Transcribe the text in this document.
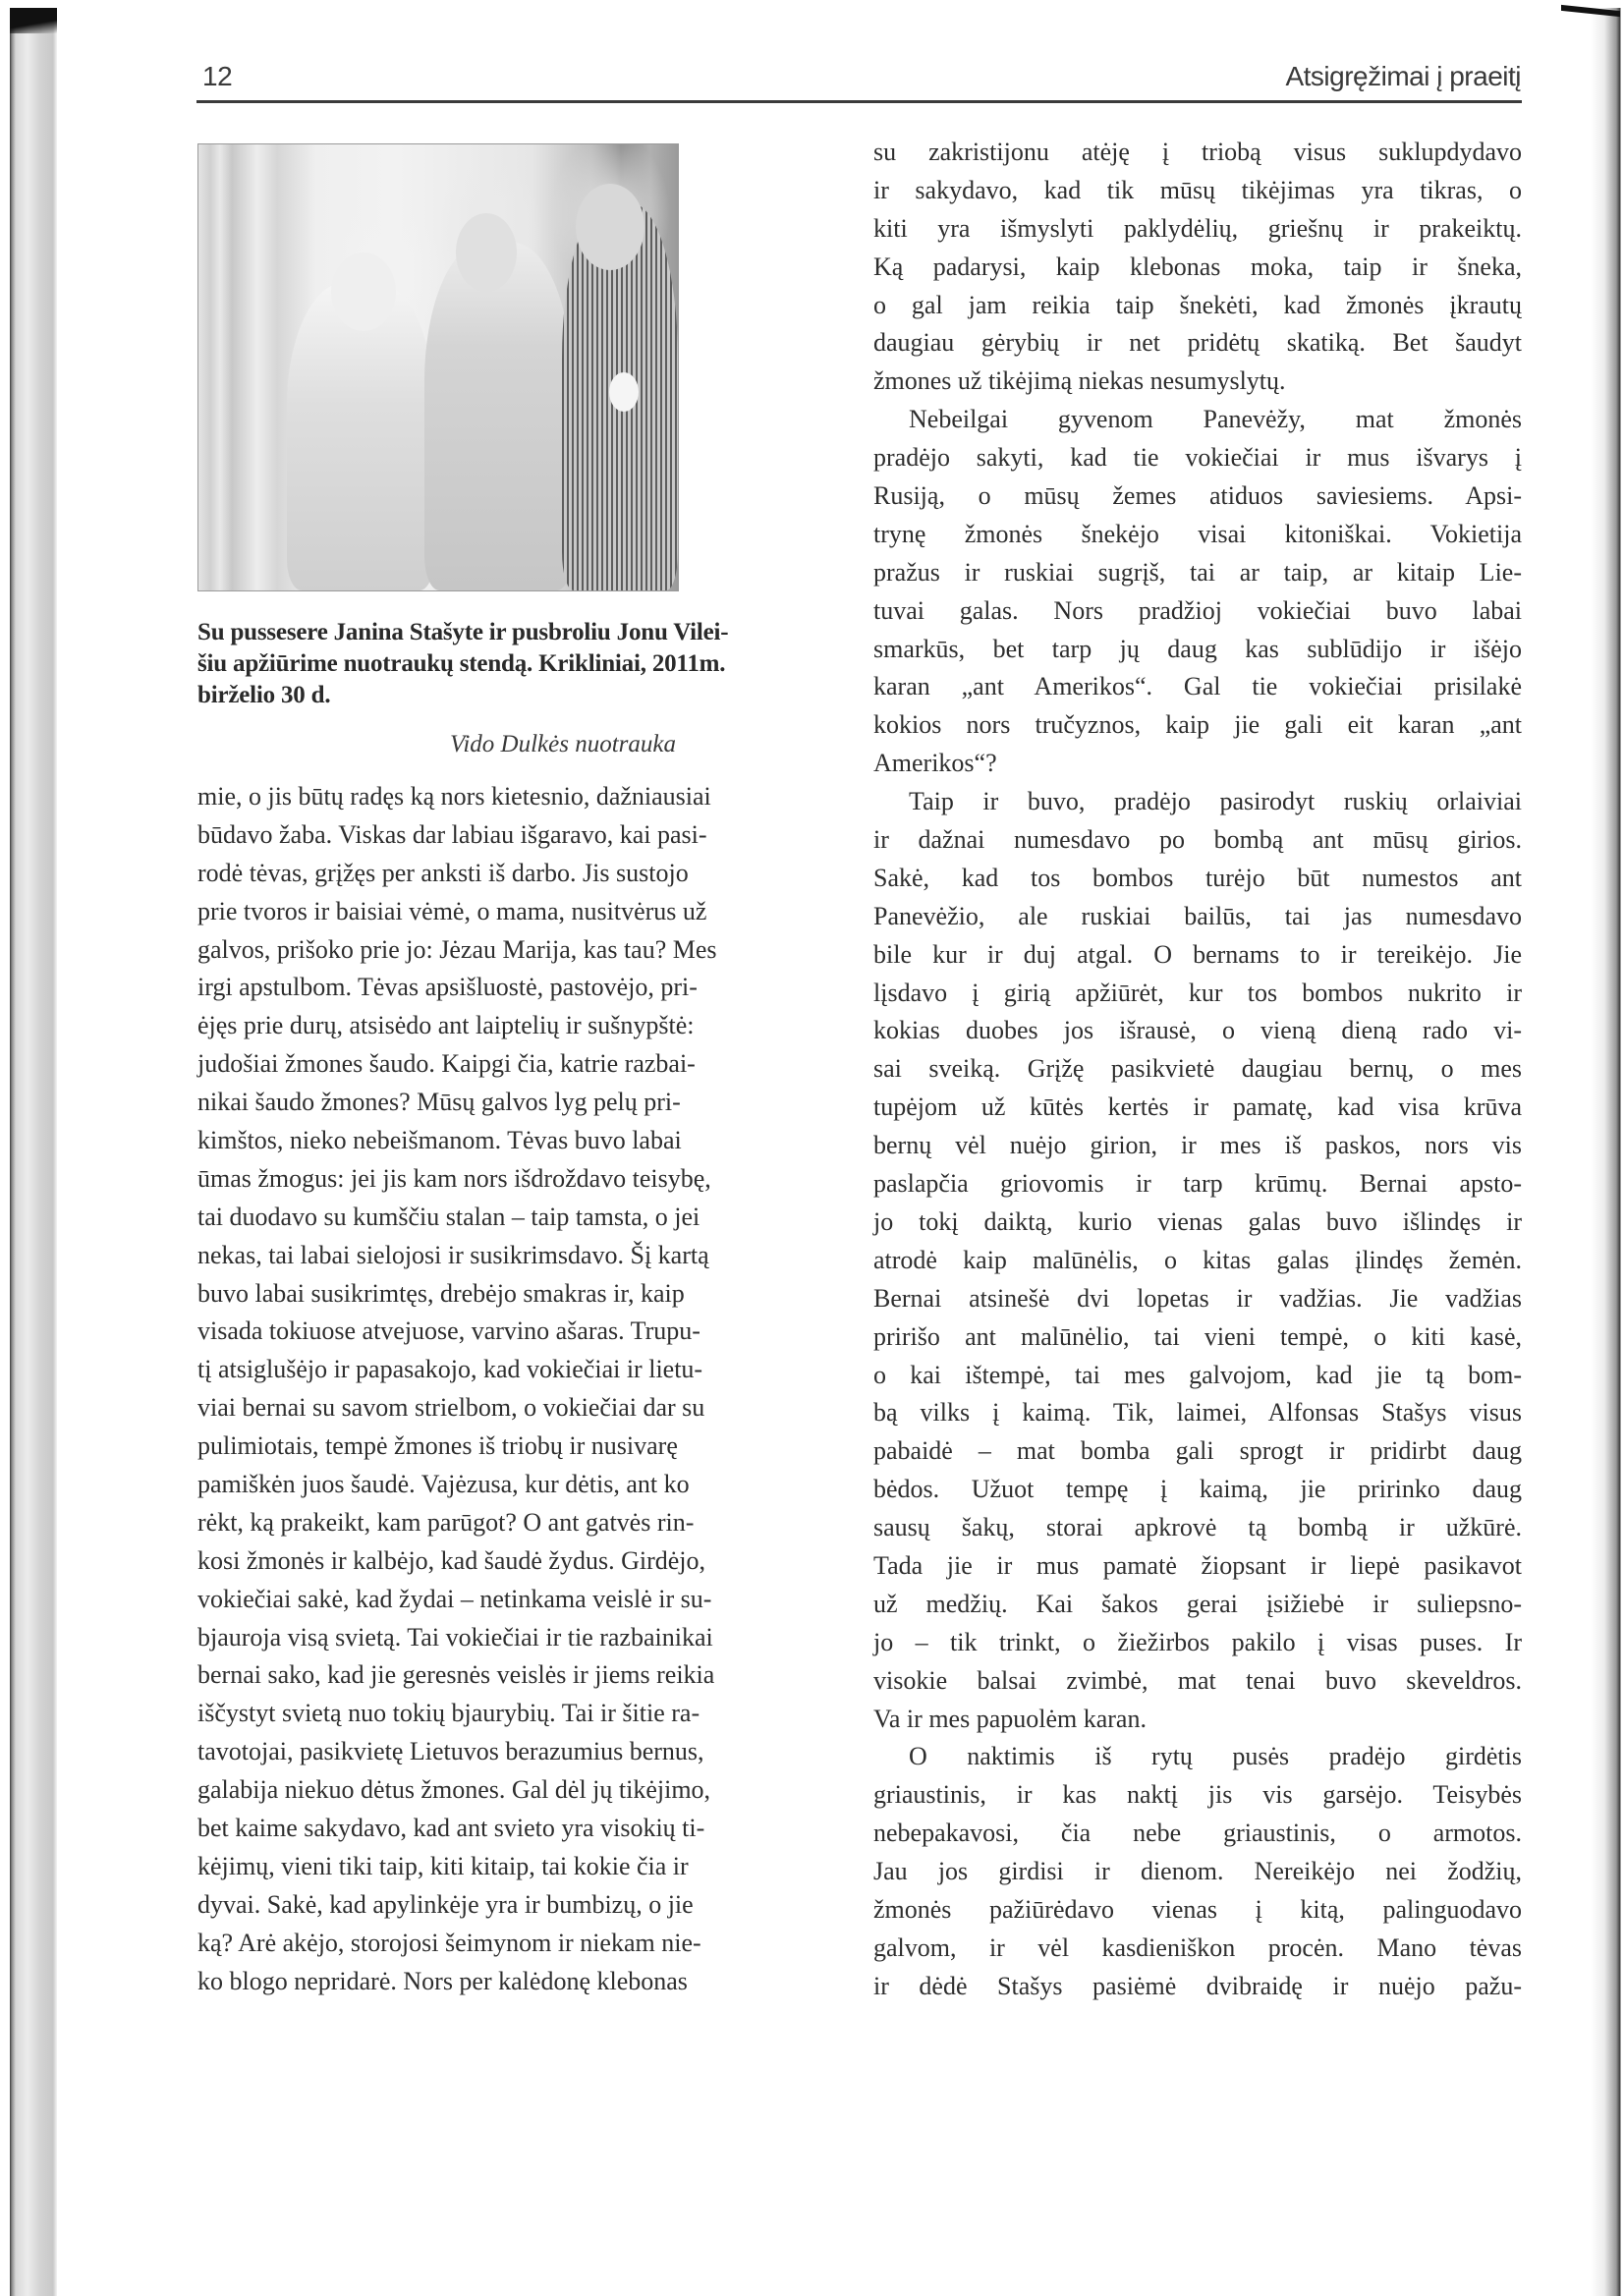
12	Atsigręžimai į praeitį
Su pussesere Janina Stašyte ir pusbroliu Jonu Vilei-
šiu apžiūrime nuotraukų stendą. Krikliniai, 2011m.
birželio 30 d.
Vido Dulkės nuotrauka
mie, o jis būtų radęs ką nors kietesnio, dažniausiai
būdavo žaba. Viskas dar labiau išgaravo, kai pasi-
rodė tėvas, grįžęs per anksti iš darbo. Jis sustojo
prie tvoros ir baisiai vėmė, o mama, nusitvėrus už
galvos, prišoko prie jo: Jėzau Marija, kas tau? Mes
irgi apstulbom. Tėvas apsišluostė, pastovėjo, pri-
ėjęs prie durų, atsisėdo ant laiptelių ir sušnypštė:
judošiai žmones šaudo. Kaipgi čia, katrie razbai-
nikai šaudo žmones? Mūsų galvos lyg pelų pri-
kimštos, nieko nebeišmanom. Tėvas buvo labai
ūmas žmogus: jei jis kam nors išdroždavo teisybę,
tai duodavo su kumščiu stalan – taip tamsta, o jei
nekas, tai labai sielojosi ir susikrimsdavo. Šį kartą
buvo labai susikrimtęs, drebėjo smakras ir, kaip
visada tokiuose atvejuose, varvino ašaras. Trupu-
tį atsiglušėjo ir papasakojo, kad vokiečiai ir lietu-
viai bernai su savom strielbom, o vokiečiai dar su
pulimiotais, tempė žmones iš triobų ir nusivarę
pamiškėn juos šaudė. Vajėzusa, kur dėtis, ant ko
rėkt, ką prakeikt, kam parūgot? O ant gatvės rin-
kosi žmonės ir kalbėjo, kad šaudė žydus. Girdėjo,
vokiečiai sakė, kad žydai – netinkama veislė ir su-
bjauroja visą svietą. Tai vokiečiai ir tie razbainikai
bernai sako, kad jie geresnės veislės ir jiems reikia
iščystyt svietą nuo tokių bjaurybių. Tai ir šitie ra-
tavotojai, pasikvietę Lietuvos berazumius bernus,
galabija niekuo dėtus žmones. Gal dėl jų tikėjimo,
bet kaime sakydavo, kad ant svieto yra visokių ti-
kėjimų, vieni tiki taip, kiti kitaip, tai kokie čia ir
dyvai. Sakė, kad apylinkėje yra ir bumbizų, o jie
ką? Arė akėjo, storojosi šeimynom ir niekam nie-
ko blogo nepridarė. Nors per kalėdonę klebonas
su zakristijonu atėję į triobą visus suklupdydavo
ir sakydavo, kad tik mūsų tikėjimas yra tikras, o
kiti yra išmyslyti paklydėlių, griešnų ir prakeiktų.
Ką padarysi, kaip klebonas moka, taip ir šneka,
o gal jam reikia taip šnekėti, kad žmonės įkrautų
daugiau gėrybių ir net pridėtų skatiką. Bet šaudyt
žmones už tikėjimą niekas nesumyslytų.
Nebeilgai gyvenom Panevėžy, mat žmonės
pradėjo sakyti, kad tie vokiečiai ir mus išvarys į
Rusiją, o mūsų žemes atiduos saviesiems. Apsi-
trynę žmonės šnekėjo visai kitoniškai. Vokietija
pražus ir ruskiai sugrįš, tai ar taip, ar kitaip Lie-
tuvai galas. Nors pradžioj vokiečiai buvo labai
smarkūs, bet tarp jų daug kas sublūdijo ir išėjo
karan „ant Amerikos“. Gal tie vokiečiai prisilakė
kokios nors tručyznos, kaip jie gali eit karan „ant
Amerikos“?
Taip ir buvo, pradėjo pasirodyt ruskių orlaiviai
ir dažnai numesdavo po bombą ant mūsų girios.
Sakė, kad tos bombos turėjo būt numestos ant
Panevėžio, ale ruskiai bailūs, tai jas numesdavo
bile kur ir duj atgal. O bernams to ir tereikėjo. Jie
lįsdavo į girią apžiūrėt, kur tos bombos nukrito ir
kokias duobes jos išrausė, o vieną dieną rado vi-
sai sveiką. Grįžę pasikvietė daugiau bernų, o mes
tupėjom už kūtės kertės ir pamatę, kad visa krūva
bernų vėl nuėjo girion, ir mes iš paskos, nors vis
paslapčia griovomis ir tarp krūmų. Bernai apsto-
jo tokį daiktą, kurio vienas galas buvo išlindęs ir
atrodė kaip malūnėlis, o kitas galas įlindęs žemėn.
Bernai atsinešė dvi lopetas ir vadžias. Jie vadžias
pririšo ant malūnėlio, tai vieni tempė, o kiti kasė,
o kai ištempė, tai mes galvojom, kad jie tą bom-
bą vilks į kaimą. Tik, laimei, Alfonsas Stašys visus
pabaidė – mat bomba gali sprogt ir pridirbt daug
bėdos. Užuot tempę į kaimą, jie pririnko daug
sausų šakų, storai apkrovė tą bombą ir užkūrė.
Tada jie ir mus pamatė žiopsant ir liepė pasikavot
už medžių. Kai šakos gerai įsižiebė ir suliepsno-
jo – tik trinkt, o žiežirbos pakilo į visas puses. Ir
visokie balsai zvimbė, mat tenai buvo skeveldros.
Va ir mes papuolėm karan.
O naktimis iš rytų pusės pradėjo girdėtis
griaustinis, ir kas naktį jis vis garsėjo. Teisybės
nebepakavosi, čia nebe griaustinis, o armotos.
Jau jos girdisi ir dienom. Nereikėjo nei žodžių,
žmonės pažiūrėdavo vienas į kitą, palinguodavo
galvom, ir vėl kasdieniškon procėn. Mano tėvas
ir dėdė Stašys pasiėmė dvibraidę ir nuėjo pažu-
